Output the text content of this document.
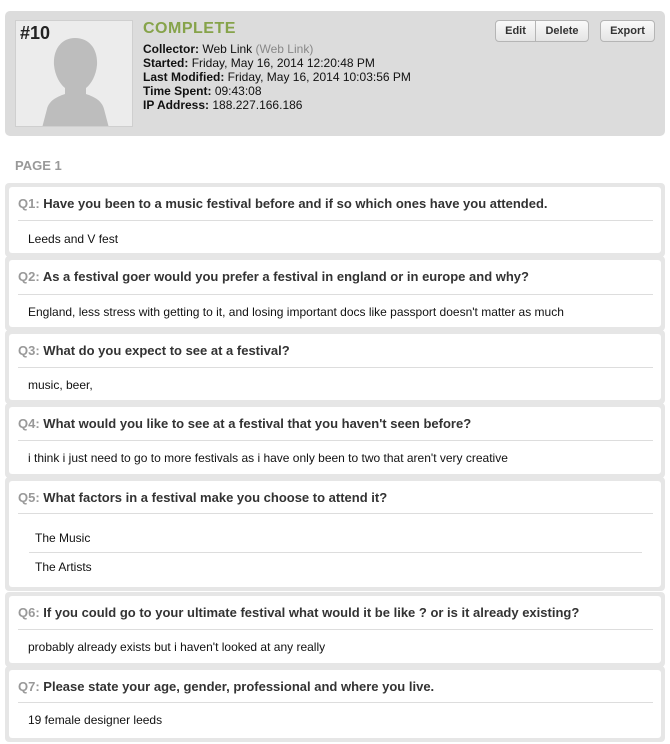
#10	COMPLETE
Collector: Web Link (Web Link)
Started: Friday, May 16, 2014 12:20:48 PM
Last Modified: Friday, May 16, 2014 10:03:56 PM
Time Spent: 09:43:08
IP Address: 188.227.166.186
Edit	Delete	Export
PAGE 1
Q1: Have you been to a music festival before and if so which ones have you attended.
Leeds and V fest
Q2: As a festival goer would you prefer a festival in england or in europe and why?
England, less stress with getting to it, and losing important docs like passport doesn't matter as much
Q3: What do you expect to see at a festival?
music, beer,
Q4: What would you like to see at a festival that you haven't seen before?
i think i just need to go to more festivals as i have only been to two that aren't very creative
Q5: What factors in a festival make you choose to attend it?
The Music
The Artists
Q6: If you could go to your ultimate festival what would it be like ? or is it already existing?
probably already exists but i haven't looked at any really
Q7: Please state your age, gender, professional and where you live.
19 female designer leeds
